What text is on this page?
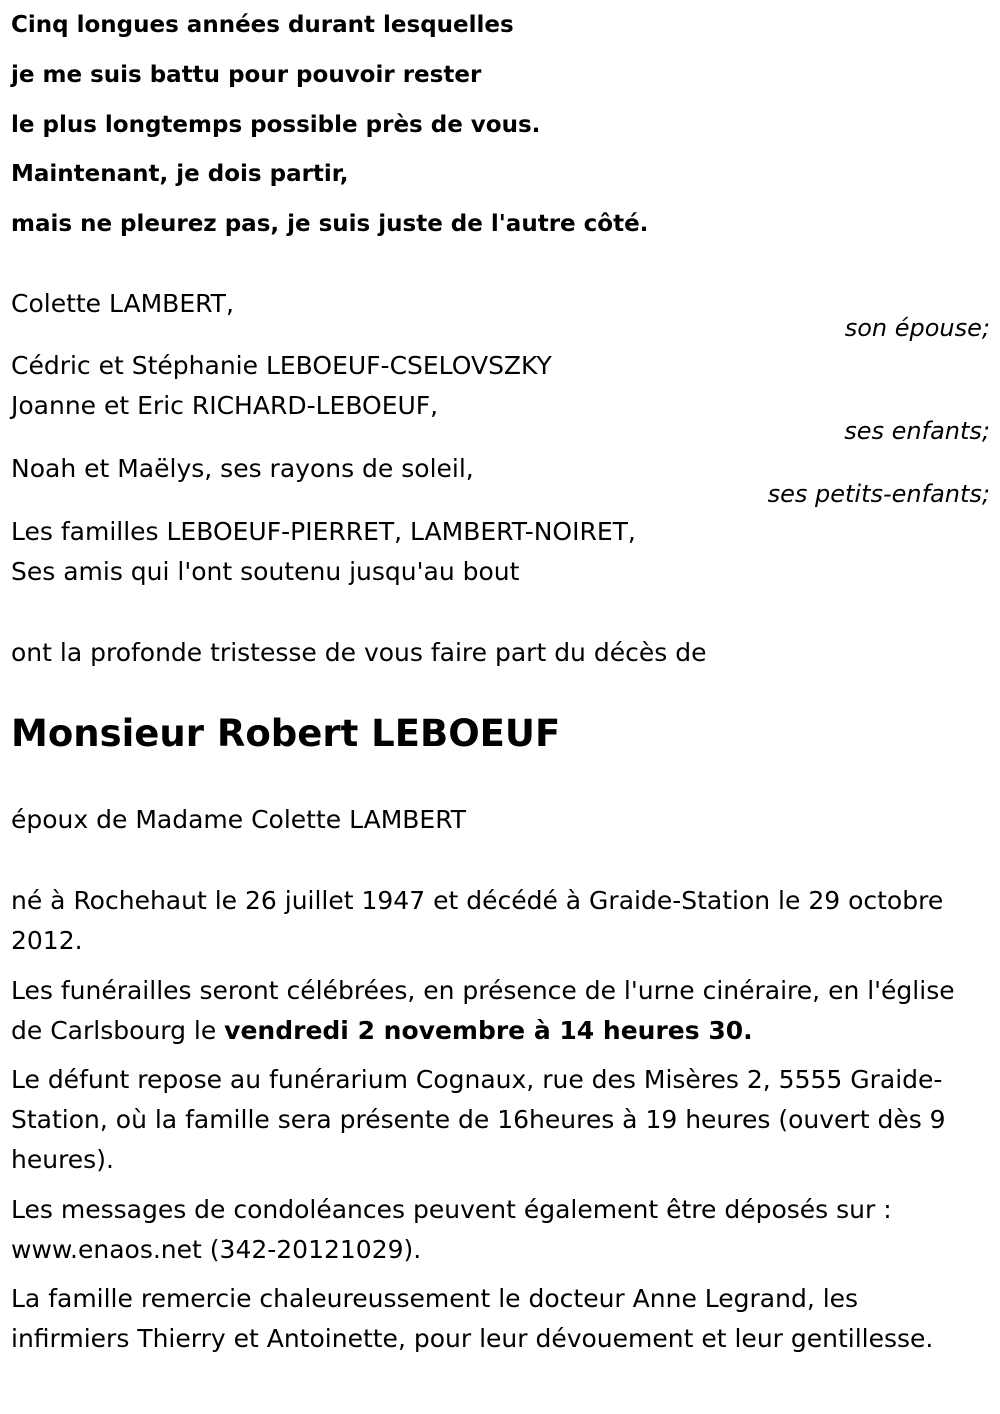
Cinq longues années durant lesquelles
je me suis battu pour pouvoir rester
le plus longtemps possible près de vous.
Maintenant, je dois partir,
mais ne pleurez pas, je suis juste de l'autre côté.
Colette LAMBERT,
son épouse;
Cédric et Stéphanie LEBOEUF-CSELOVSZKY
Joanne et Eric RICHARD-LEBOEUF,
ses enfants;
Noah et Maëlys, ses rayons de soleil,
ses petits-enfants;
Les familles LEBOEUF-PIERRET, LAMBERT-NOIRET,
Ses amis qui l'ont soutenu jusqu'au bout
ont la profonde tristesse de vous faire part du décès de
Monsieur Robert LEBOEUF
époux de Madame Colette LAMBERT
né à Rochehaut le 26 juillet 1947 et décédé à Graide-Station le 29 octobre 2012.
Les funérailles seront célébrées, en présence de l'urne cinéraire, en l'église de Carlsbourg le vendredi 2 novembre à 14 heures 30.
Le défunt repose au funérarium Cognaux, rue des Misères 2, 5555 Graide-Station, où la famille sera présente de 16heures à 19 heures (ouvert dès 9 heures).
Les messages de condoléances peuvent également être déposés sur : www.enaos.net (342-20121029).
La famille remercie chaleureussement le docteur Anne Legrand, les infirmiers Thierry et Antoinette, pour leur dévouement et leur gentillesse.
